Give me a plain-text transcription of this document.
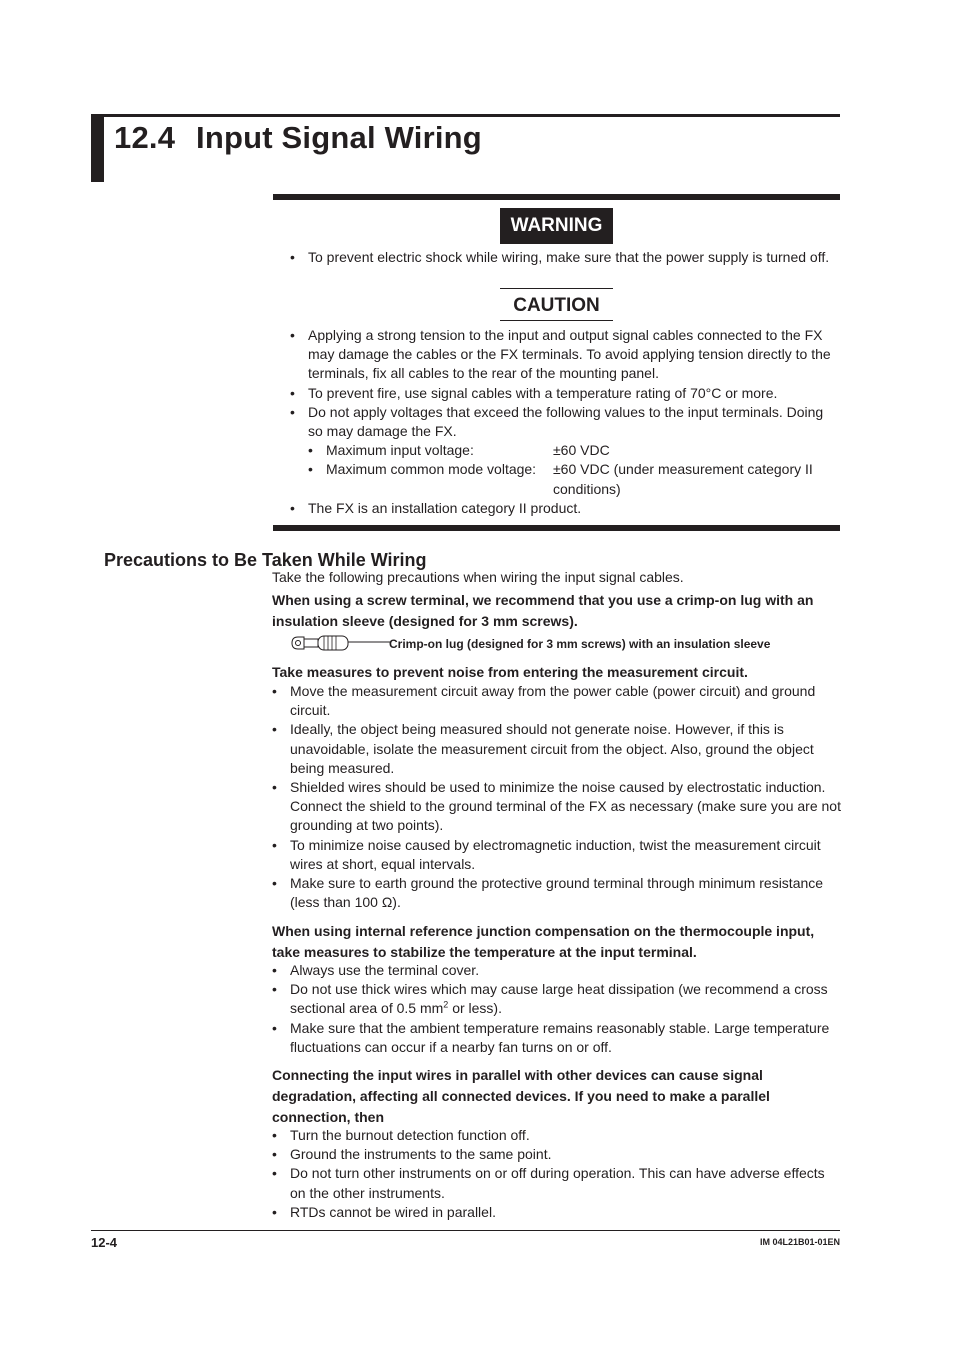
12.4 Input Signal Wiring
WARNING
• To prevent electric shock while wiring, make sure that the power supply is turned off.
CAUTION
• Applying a strong tension to the input and output signal cables connected to the FX may damage the cables or the FX terminals. To avoid applying tension directly to the terminals, fix all cables to the rear of the mounting panel.
• To prevent fire, use signal cables with a temperature rating of 70°C or more.
• Do not apply voltages that exceed the following values to the input terminals. Doing so may damage the FX.
• Maximum input voltage:	±60 VDC
• Maximum common mode voltage:	±60 VDC (under measurement category II conditions)
• The FX is an installation category II product.
Precautions to Be Taken While Wiring
Take the following precautions when wiring the input signal cables.
When using a screw terminal, we recommend that you use a crimp-on lug with an insulation sleeve (designed for 3 mm screws).
Crimp-on lug (designed for 3 mm screws) with an insulation sleeve
Take measures to prevent noise from entering the measurement circuit.
• Move the measurement circuit away from the power cable (power circuit) and ground circuit.
• Ideally, the object being measured should not generate noise. However, if this is unavoidable, isolate the measurement circuit from the object. Also, ground the object being measured.
• Shielded wires should be used to minimize the noise caused by electrostatic induction. Connect the shield to the ground terminal of the FX as necessary (make sure you are not grounding at two points).
• To minimize noise caused by electromagnetic induction, twist the measurement circuit wires at short, equal intervals.
• Make sure to earth ground the protective ground terminal through minimum resistance (less than 100 Ω).
When using internal reference junction compensation on the thermocouple input, take measures to stabilize the temperature at the input terminal.
• Always use the terminal cover.
• Do not use thick wires which may cause large heat dissipation (we recommend a cross sectional area of 0.5 $mm^2$ or less).
• Make sure that the ambient temperature remains reasonably stable. Large temperature fluctuations can occur if a nearby fan turns on or off.
Connecting the input wires in parallel with other devices can cause signal degradation, affecting all connected devices. If you need to make a parallel connection, then
• Turn the burnout detection function off.
• Ground the instruments to the same point.
• Do not turn other instruments on or off during operation. This can have adverse effects on the other instruments.
• RTDs cannot be wired in parallel.
12-4	IM 04L21B01-01EN
